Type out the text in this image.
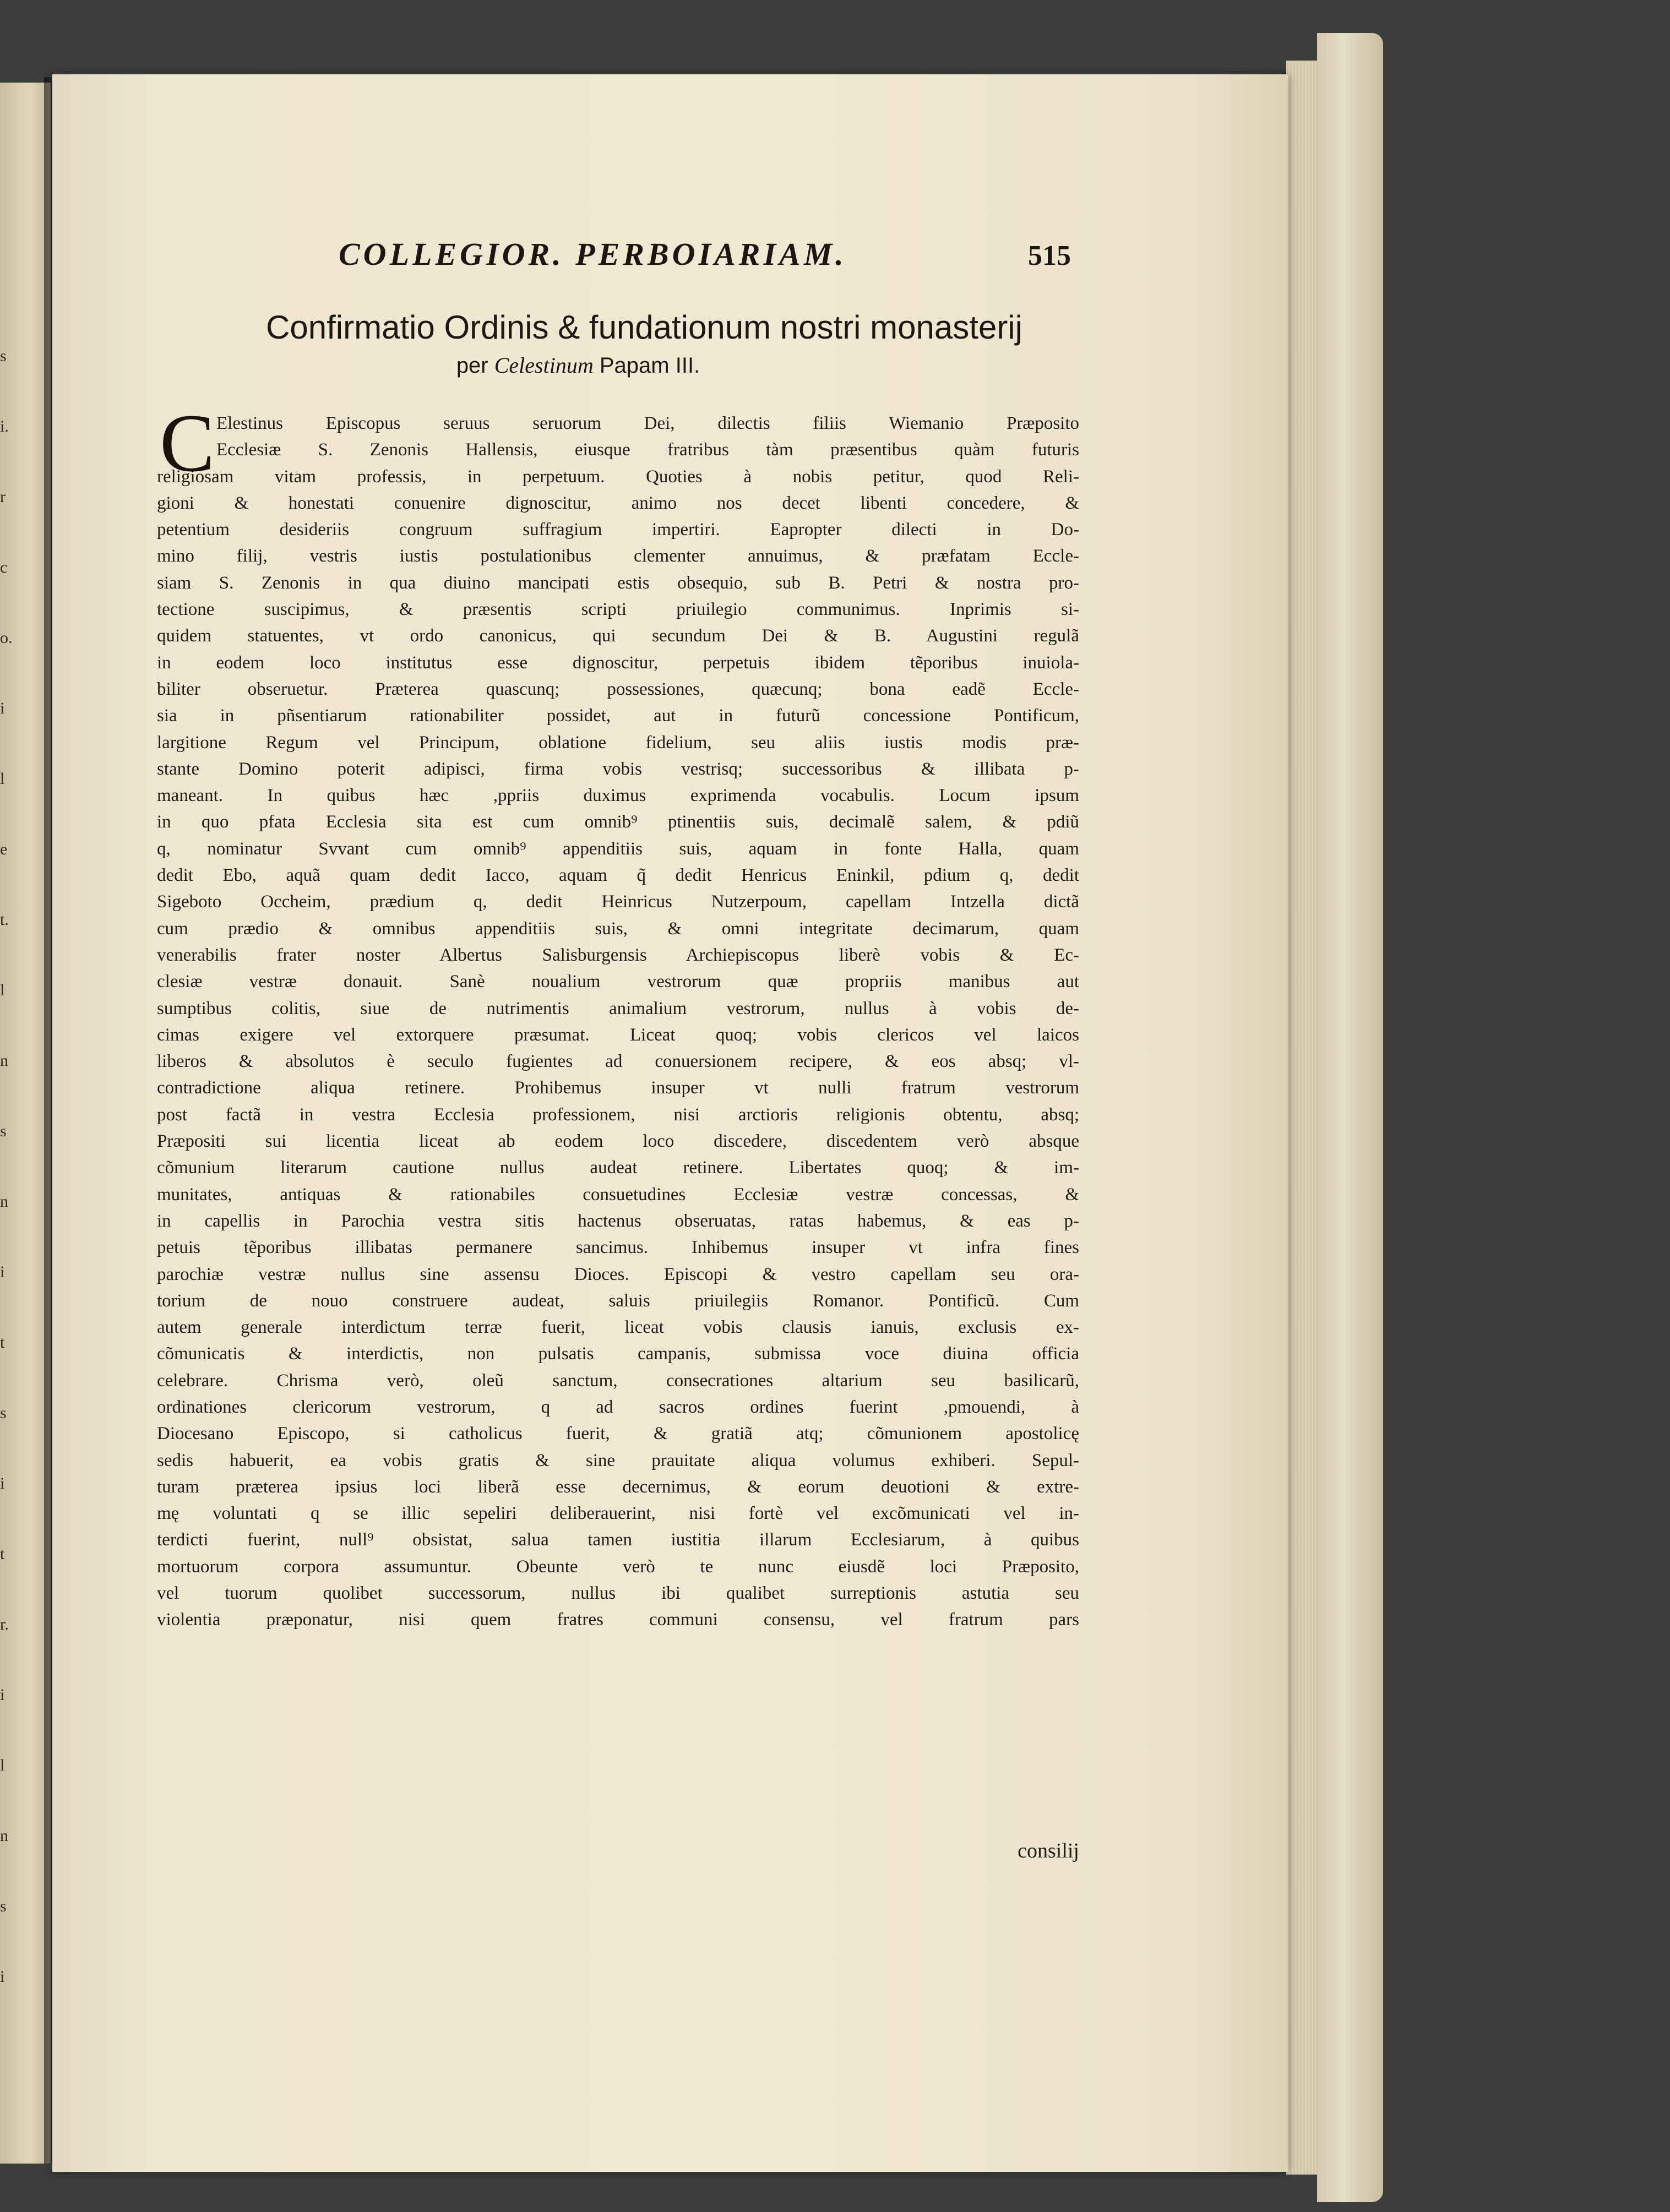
s
i.
r
c
o.
i
l
e
t.
l
n
s
n
i
t
s
i
t
r.
i
l
n
s
i
COLLEGIOR. PERBOIARIAM.	515
Confirmatio Ordinis & fundationum nostri monasterij
per Celestinum Papam III.
C Elestinus Episcopus seruus seruorum Dei, dilectis filiis Wiemanio Præposito
Ecclesiæ S. Zenonis Hallensis, eiusque fratribus tàm præsentibus quàm futuris
religiosam vitam professis, in perpetuum. Quoties à nobis petitur, quod Reli-
gioni & honestati conuenire dignoscitur, animo nos decet libenti concedere, &
petentium desideriis congruum suffragium impertiri. Eapropter dilecti in Do-
mino filij, vestris iustis postulationibus clementer annuimus, & præfatam Eccle-
siam S. Zenonis in qua diuino mancipati estis obsequio, sub B. Petri & nostra pro-
tectione suscipimus, & præsentis scripti priuilegio communimus. Inprimis si-
quidem statuentes, vt ordo canonicus, qui secundum Dei & B. Augustini regulã
in eodem loco institutus esse dignoscitur, perpetuis ibidem tẽporibus inuiola-
biliter obseruetur. Præterea quascunq; possessiones, quæcunq; bona eadẽ Eccle-
sia in pñsentiarum rationabiliter possidet, aut in futurũ concessione Pontificum,
largitione Regum vel Principum, oblatione fidelium, seu aliis iustis modis præ-
stante Domino poterit adipisci, firma vobis vestrisq; successoribus & illibata p-
maneant. In quibus hæc ,ppriis duximus exprimenda vocabulis. Locum ipsum
in quo pfata Ecclesia sita est cum omnib⁹ ptinentiis suis, decimalẽ salem, & pdiũ
q, nominatur Svvant cum omnib⁹ appenditiis suis, aquam in fonte Halla, quam
dedit Ebo, aquã quam dedit Iacco, aquam q̃ dedit Henricus Eninkil, pdium q, dedit
Sigeboto Occheim, prædium q, dedit Heinricus Nutzerpoum, capellam Intzella dictã
cum prædio & omnibus appenditiis suis, & omni integritate decimarum, quam
venerabilis frater noster Albertus Salisburgensis Archiepiscopus liberè vobis & Ec-
clesiæ vestræ donauit. Sanè noualium vestrorum quæ propriis manibus aut
sumptibus colitis, siue de nutrimentis animalium vestrorum, nullus à vobis de-
cimas exigere vel extorquere præsumat. Liceat quoq; vobis clericos vel laicos
liberos & absolutos è seculo fugientes ad conuersionem recipere, & eos absq; vl-
contradictione aliqua retinere. Prohibemus insuper vt nulli fratrum vestrorum
post factã in vestra Ecclesia professionem, nisi arctioris religionis obtentu, absq;
Præpositi sui licentia liceat ab eodem loco discedere, discedentem verò absque
cõmunium literarum cautione nullus audeat retinere. Libertates quoq; & im-
munitates, antiquas & rationabiles consuetudines Ecclesiæ vestræ concessas, &
in capellis in Parochia vestra sitis hactenus obseruatas, ratas habemus, & eas p-
petuis tẽporibus illibatas permanere sancimus. Inhibemus insuper vt infra fines
parochiæ vestræ nullus sine assensu Dioces. Episcopi & vestro capellam seu ora-
torium de nouo construere audeat, saluis priuilegiis Romanor. Pontificũ. Cum
autem generale interdictum terræ fuerit, liceat vobis clausis ianuis, exclusis ex-
cõmunicatis & interdictis, non pulsatis campanis, submissa voce diuina officia
celebrare. Chrisma verò, oleũ sanctum, consecrationes altarium seu basilicarũ,
ordinationes clericorum vestrorum, q ad sacros ordines fuerint ,pmouendi, à
Diocesano Episcopo, si catholicus fuerit, & gratiã atq; cõmunionem apostolicę
sedis habuerit, ea vobis gratis & sine prauitate aliqua volumus exhiberi. Sepul-
turam præterea ipsius loci liberã esse decernimus, & eorum deuotioni & extre-
mę voluntati q se illic sepeliri deliberauerint, nisi fortè vel excõmunicati vel in-
terdicti fuerint, null⁹ obsistat, salua tamen iustitia illarum Ecclesiarum, à quibus
mortuorum corpora assumuntur. Obeunte verò te nunc eiusdẽ loci Præposito,
vel tuorum quolibet successorum, nullus ibi qualibet surreptionis astutia seu
violentia præponatur, nisi quem fratres communi consensu, vel fratrum pars
consilij
